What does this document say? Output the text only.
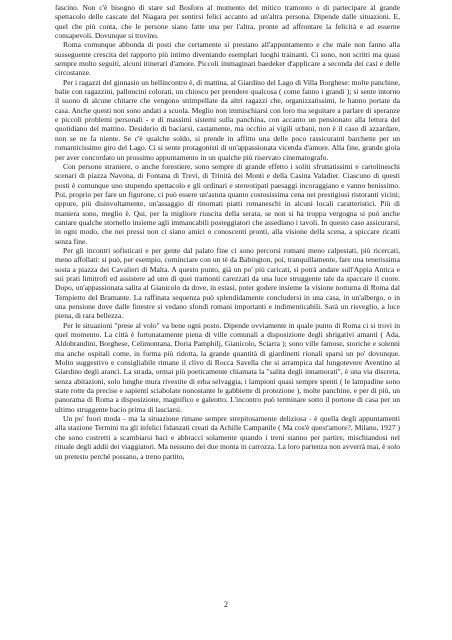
fascino. Non c'è bisogno di stare sul Bosforo al momento del mitico tramonto o di partecipare al grande spettacolo delle cascate del Niagara per sentirsi felici accanto ad un'altra persona. Dipende dalle situazioni. E, quel che più conta, che le persone siano fatte una per l'altra, pronte ad affrontare la felicità e ad esserne consapevoli. Dovunque si trovino.

Roma comunque abbonda di posti che certamente si prestano all'appuntamento e che male non fanno alla susseguente crescita del rapporto più intimo diventando esemplari luoghi trainanti. Ci sono, non scritti ma quasi sempre molto seguiti, alcuni itinerari d'amore. Piccoli immaginari baedeker d'applicare a seconda dei casi e delle circostanze.

Per i ragazzi del ginnasio un bellincontro è, di mattina, al Giardino del Lago di Villa Borghese: molte panchine, balie con ragazzini, palloncini colorati, un chiosco per prendere qualcosa ( come fanno i grandi ); si sente intorno il suono di alcune chitarre che vengono strimpellate da altri ragazzi che, organizzatissimi, le hanno portate da casa. Anche questi non sono andati a scuola. Meglio non immischiarsi con loro ma seguitare a parlare di speranze e piccoli problemi personali - e di massimi sistemi sulla panchina, con accanto un pensionato alla lettura del quotidiano del mattino. Desiderio di baciarsi, castamente, ma occhio ai vigili urbani, non è il caso di azzardare, non se ne fa niente. Se c'è qualche soldo, si prende in affitto una delle poco rassicuranti barchette per un romanticissimo giro del Lago. Ci si sente protagonisti di un'appassionata vicenda d'amore. Alla fine, grande gioia per aver concordato un prossimo appuntamento in un qualche più riservato cinematografo.

Con persone straniere, o anche forestiere, sono sempre di grande effetto i soliti sfruttatissimi e cartolineschi scenari di piazza Navona, di Fontana di Trevi, di Trinità dei Monti e della Casina Valadier. Ciascuno di questi posti è comunque uno stupendo spettacolo e gli ordinari e stereotipati paesaggi incoraggiano e vanno benissimo. Poi, proprio per fare un figurone, ci può essere un'astuta quanto costosissima cena nei prestigiosi ristoranti vicini; oppure, più disinvoltamente, un'assaggio di rinomati piatti romaneschi in alcuni locali caratteristici. Più di maniera sono, meglio è. Qui, per la migliore riuscita della serata, se non si ha troppa vergogna si può anche cantare qualche stornello insieme agli immancabili posteggiatori che assediano i tavoli. In questo caso assicurarsi, in ogni modo, che nei pressi non ci siano amici o conoscenti pronti, alla visione della scena, a spiccare ricatti senza fine.

Per gli incontri sofisticati e per gente dal palato fine ci sono percorsi romani meno calpestati, più ricercati, meno affollati: si può, per esempio, cominciare con un tè da Babington, poi, tranquillamente, fare una tenerissima sosta a piazza dei Cavalieri di Malta. A questo punto, già un po' più caricati, si potrà andare sull'Appia Antica e sui prati limitrofi ed assistere ad uno di quei tramonti carezzati da una luce struggente tale da spaccare il cuore. Dopo, un'appassionata salita al Gianicolo da dove, in estasi, poter godere insieme la visione notturna di Roma dal Tempietto del Bramante. La raffinata sequenza può splendidamente concludersi in una casa, in un'albergo, o in una pensione dove dalle finestre si vedano sfondi romani importanti e indimenticabili. Sarà un risveglio, a luce piena, di rara bellezza.

Per le situazioni "prese al volo" va bene ogni posto. Dipende ovviamente in quale punto di Roma ci si trovi in quel momento. La città è fortunatamente piena di ville comunali a disposizione degli sbrigativi amanti ( Ada, Aldobrandini, Borghese, Celimontana, Doria Pamphilj, Gianicolo, Sciarra ); sono ville famose, storiche e solenni ma anche ospitali come, in forma più ridotta, la grande quantità di giardinetti rionali sparsi un po' dovunque. Molto suggestivo e consigliabile rimane il clivo di Rocca Savella che si arrampica dal lungotevere Aventino al Giardino degli aranci. La strada, ormai più poeticamente chiamata la "salita degli innamorati", è una via discreta, senza abitazioni, solo lunghe mura rivestite di erba selvaggia, i lampioni quasi sempre spenti ( le lampadine sono state rotte da precise e sapienti sciabolate nonostante le gabbiette di protezione ), molte panchine, e per di più, un panorama di Roma a disposizione, magnifico e galeotto. L'incontro può terminare sotto il portone di casa per un ultimo struggente bacio prima di lasciarsi.

Un po' fuori moda - ma la situazione rimane sempre strepitosamente deliziosa - è quella degli appuntamenti alla stazione Termini tra gli infelici fidanzati creati da Achille Campanile ( Ma cos'è quest'amore?, Milano, 1927 ) che sono costretti a scambiarsi baci e abbracci solamente quando i treni stanno per partire, mischiandosi nel rituale degli addii dei viaggiatori. Ma nessuno dei due monta in carrozza. La loro partenza non avverrà mai, è solo un pretesto perché possano, a treno partito,

2
